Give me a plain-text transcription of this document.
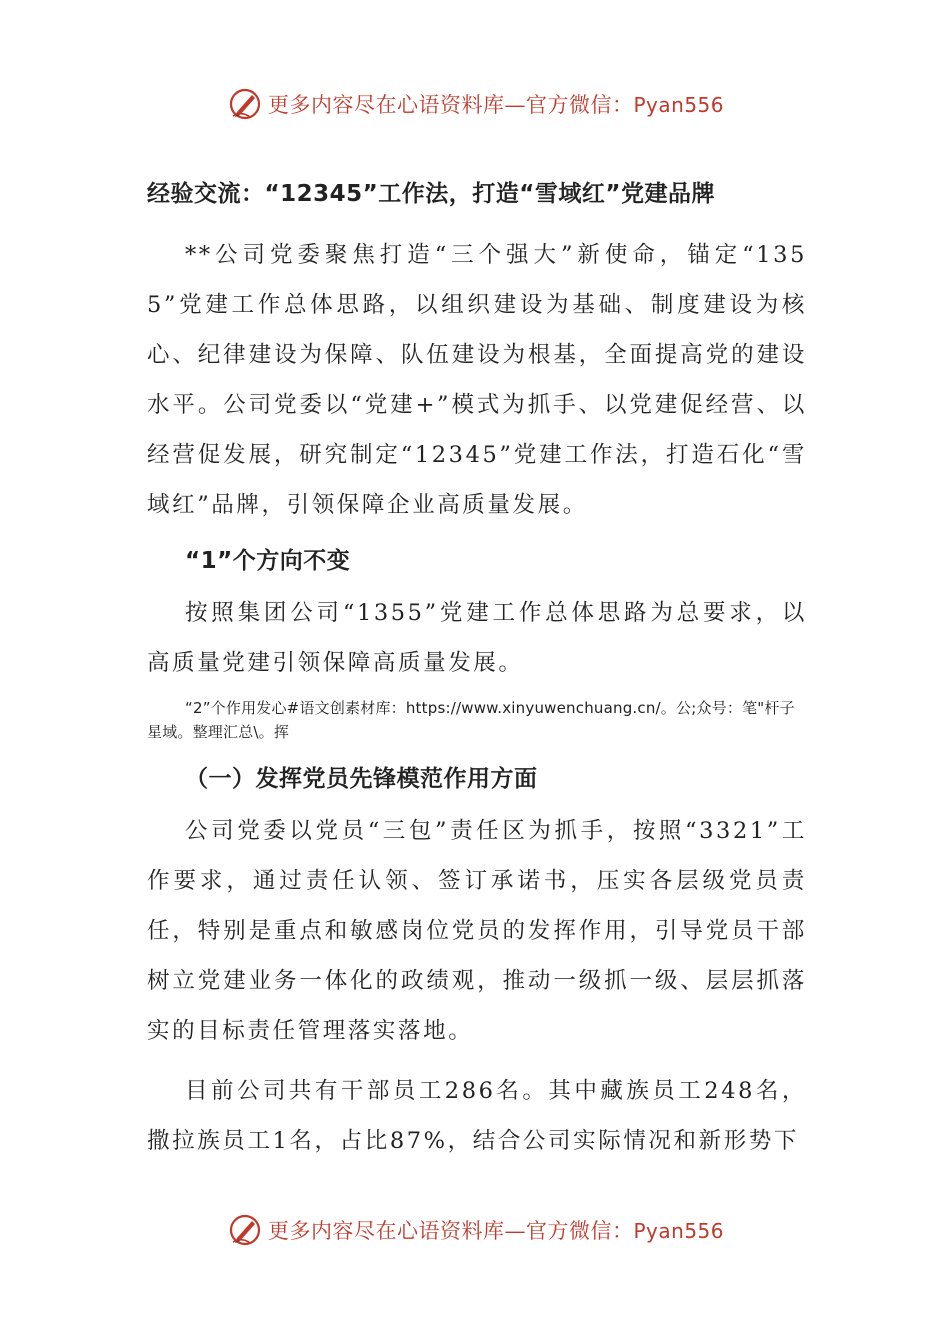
更多内容尽在心语资料库—官方微信：Pyan556
经验交流：“12345”工作法，打造“雪域红”党建品牌

**公司党委聚焦打造“三个强大”新使命，锚定“1355”党建工作总体思路，以组织建设为基础、制度建设为核心、纪律建设为保障、队伍建设为根基，全面提高党的建设水平。公司党委以“党建+”模式为抓手、以党建促经营、以经营促发展，研究制定“12345”党建工作法，打造石化“雪域红”品牌，引领保障企业高质量发展。

“1”个方向不变

按照集团公司“1355”党建工作总体思路为总要求，以高质量党建引领保障高质量发展。

“2”个作用发心#语文创素材库：https://www.xinyuwenchuang.cn/。公;众号：笔"杆子星域。整理汇总\。挥
（一）发挥党员先锋模范作用方面

公司党委以党员“三包”责任区为抓手，按照“3321”工作要求，通过责任认领、签订承诺书，压实各层级党员责任，特别是重点和敏感岗位党员的发挥作用，引导党员干部树立党建业务一体化的政绩观，推动一级抓一级、层层抓落实的目标责任管理落实落地。

目前公司共有干部员工286名。其中藏族员工248名，撒拉族员工1名，占比87%，结合公司实际情况和新形势下

更多内容尽在心语资料库—官方微信：Pyan556
